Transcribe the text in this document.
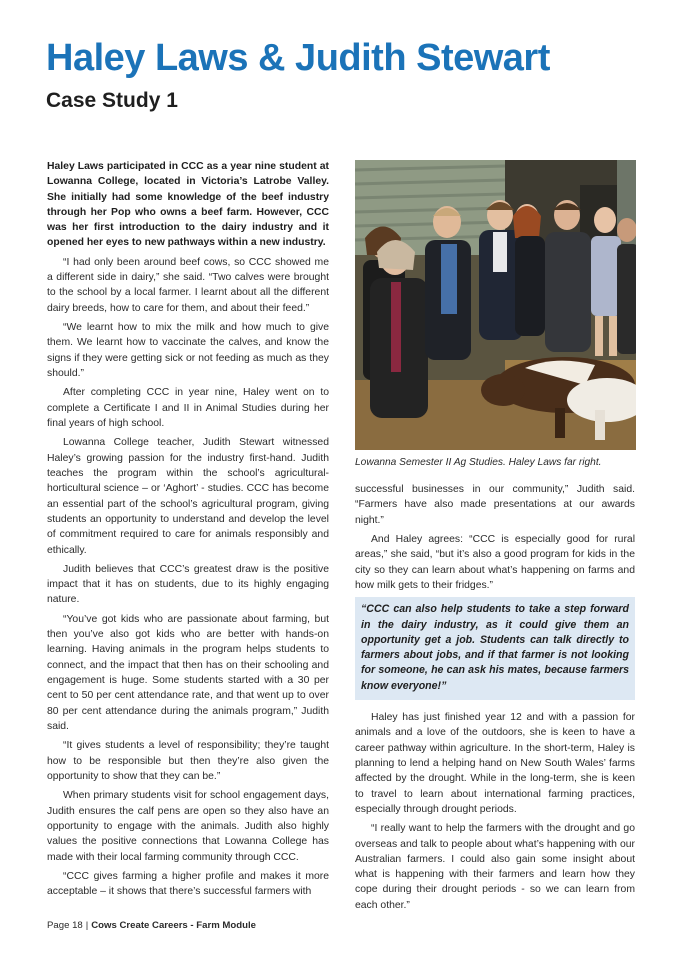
Haley Laws & Judith Stewart
Case Study 1

Haley Laws participated in CCC as a year nine student at Lowanna College, located in Victoria’s Latrobe Valley. She initially had some knowledge of the beef industry through her Pop who owns a beef farm. However, CCC was her first introduction to the dairy industry and it opened her eyes to new pathways within a new industry.

“I had only been around beef cows, so CCC showed me a different side in dairy,” she said. “Two calves were brought to the school by a local farmer. I learnt about all the different dairy breeds, how to care for them, and about their feed.”

“We learnt how to mix the milk and how much to give them. We learnt how to vaccinate the calves, and know the signs if they were getting sick or not feeding as much as they should.”

After completing CCC in year nine, Haley went on to complete a Certificate I and II in Animal Studies during her final years of high school.

Lowanna College teacher, Judith Stewart witnessed Haley’s growing passion for the industry first-hand. Judith teaches the program within the school’s agricultural-horticultural science – or ‘Aghort’ - studies. CCC has become an essential part of the school’s agricultural program, giving students an opportunity to understand and develop the level of commitment required to care for animals responsibly and ethically.

Judith believes that CCC’s greatest draw is the positive impact that it has on students, due to its highly engaging nature.

“You’ve got kids who are passionate about farming, but then you’ve also got kids who are better with hands-on learning. Having animals in the program helps students to connect, and the impact that then has on their schooling and engagement is huge. Some students started with a 30 per cent to 50 per cent attendance rate, and that went up to over 80 per cent attendance during the animals program,” Judith said.

“It gives students a level of responsibility; they’re taught how to be responsible but then they’re also given the opportunity to show that they can be.”

When primary students visit for school engagement days, Judith ensures the calf pens are open so they also have an opportunity to engage with the animals. Judith also highly values the positive connections that Lowanna College has made with their local farming community through CCC.

“CCC gives farming a higher profile and makes it more acceptable – it shows that there’s successful farmers with

Lowanna Semester II Ag Studies. Haley Laws far right.

successful businesses in our community,” Judith said. “Farmers have also made presentations at our awards night.”

And Haley agrees: “CCC is especially good for rural areas,” she said, “but it’s also a good program for kids in the city so they can learn about what’s happening on farms and how milk gets to their fridges.”

“CCC can also help students to take a step forward in the dairy industry, as it could give them an opportunity get a job. Students can talk directly to farmers about jobs, and if that farmer is not looking for someone, he can ask his mates, because farmers know everyone!”

Haley has just finished year 12 and with a passion for animals and a love of the outdoors, she is keen to have a career pathway within agriculture. In the short-term, Haley is planning to lend a helping hand on New South Wales’ farms affected by the drought. While in the long-term, she is keen to travel to learn about international farming practices, especially through drought periods.

“I really want to help the farmers with the drought and go overseas and talk to people about what’s happening with our Australian farmers. I could also gain some insight about what is happening with their farmers and learn how they cope during their drought periods - so we can learn from each other.”

Page 18 | Cows Create Careers - Farm Module
